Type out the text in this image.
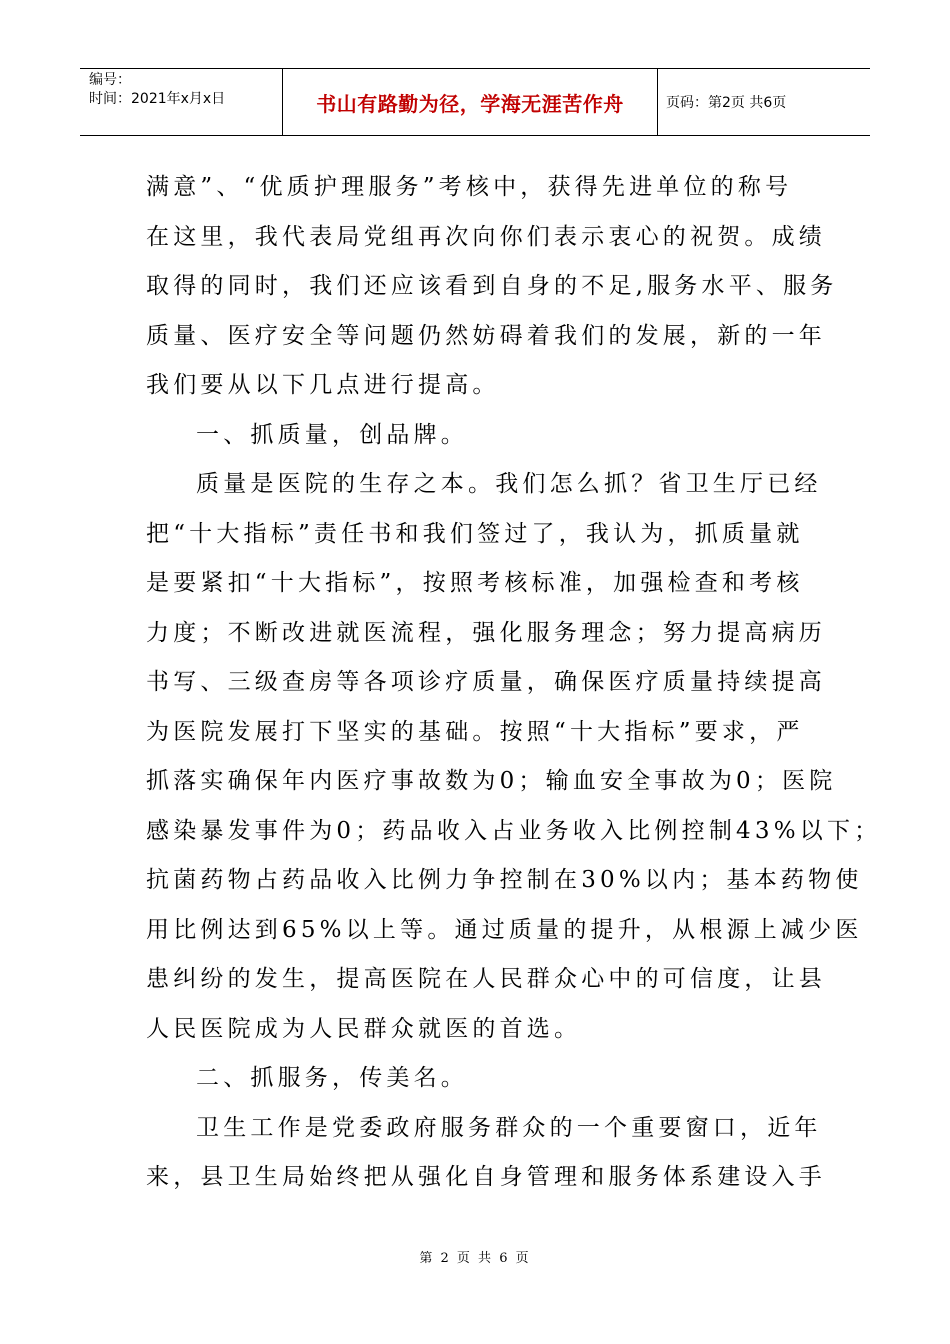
编号：
时间：2021年x月x日	书山有路勤为径，学海无涯苦作舟	页码：第2页 共6页
满意”、“优质护理服务”考核中，获得先进单位的称号
在这里，我代表局党组再次向你们表示衷心的祝贺。成绩
取得的同时，我们还应该看到自身的不足,服务水平、服务
质量、医疗安全等问题仍然妨碍着我们的发展，新的一年
我们要从以下几点进行提高。
一、抓质量，创品牌。
质量是医院的生存之本。我们怎么抓？省卫生厅已经
把“十大指标”责任书和我们签过了，我认为，抓质量就
是要紧扣“十大指标”，按照考核标准，加强检查和考核
力度；不断改进就医流程，强化服务理念；努力提高病历
书写、三级查房等各项诊疗质量，确保医疗质量持续提高
为医院发展打下坚实的基础。按照“十大指标”要求，严
抓落实确保年内医疗事故数为0；输血安全事故为0；医院
感染暴发事件为0；药品收入占业务收入比例控制43%以下；
抗菌药物占药品收入比例力争控制在30%以内；基本药物使
用比例达到65%以上等。通过质量的提升，从根源上减少医
患纠纷的发生，提高医院在人民群众心中的可信度，让县
人民医院成为人民群众就医的首选。
二、抓服务，传美名。
卫生工作是党委政府服务群众的一个重要窗口，近年
来，县卫生局始终把从强化自身管理和服务体系建设入手
第 2 页 共 6 页
